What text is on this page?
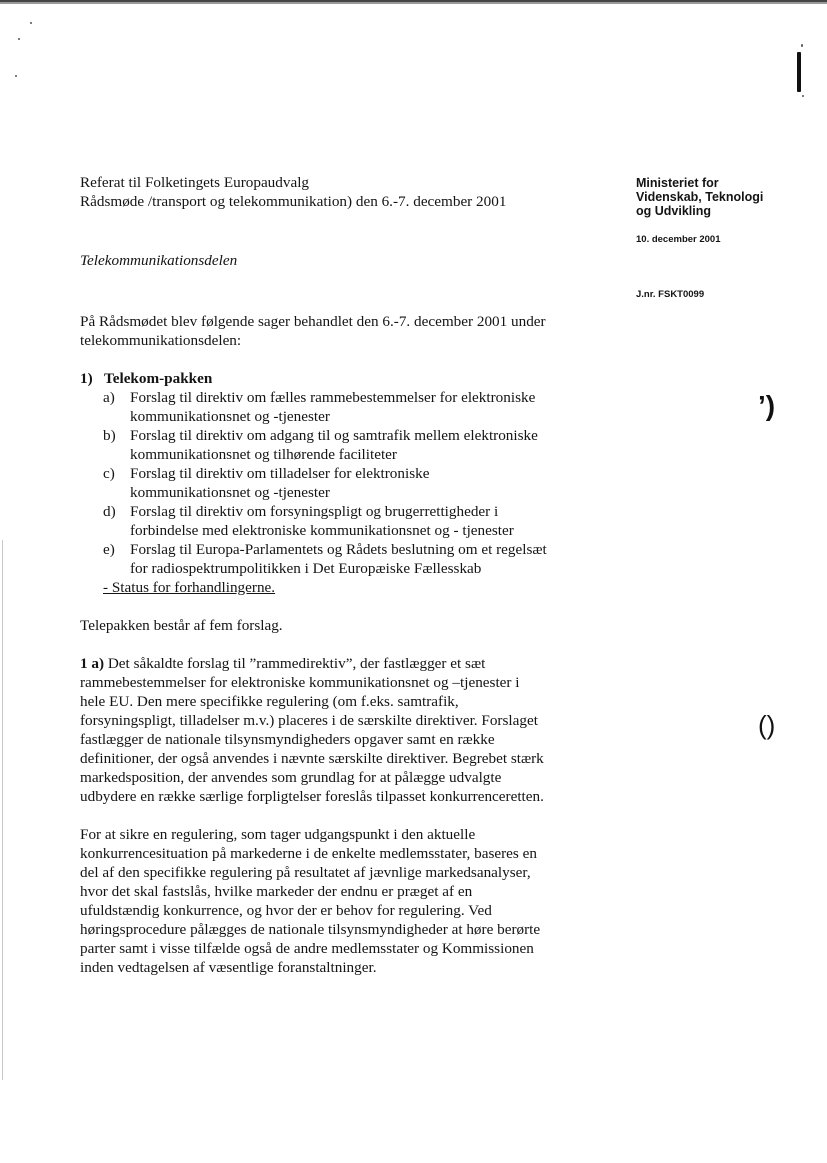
ʼ)
()
Ministeriet for
Videnskab, Teknologi
og Udvikling
10. december 2001
J.nr. FSKT0099

Referat til Folketingets Europaudvalg

Rådsmøde /transport og telekommunikation) den 6.-7. december 2001

Telekommunikationsdelen

På Rådsmødet blev følgende sager behandlet den 6.-7. december 2001 under

telekommunikationsdelen:

1) Telekom-pakken

a) Forslag til direktiv om fælles rammebestemmelser for elektroniske

kommunikationsnet og -tjenester

b) Forslag til direktiv om adgang til og samtrafik mellem elektroniske

kommunikationsnet og tilhørende faciliteter

c) Forslag til direktiv om tilladelser for elektroniske

kommunikationsnet og -tjenester

d) Forslag til direktiv om forsyningspligt og brugerrettigheder i

forbindelse med elektroniske kommunikationsnet og - tjenester

e) Forslag til Europa-Parlamentets og Rådets beslutning om et regelsæt

for radiospektrumpolitikken i Det Europæiske Fællesskab

- Status for forhandlingerne.

Telepakken består af fem forslag.

1 a) Det såkaldte forslag til ”rammedirektiv”, der fastlægger et sæt

rammebestemmelser for elektroniske kommunikationsnet og –tjenester i

hele EU. Den mere specifikke regulering (om f.eks. samtrafik,

forsyningspligt, tilladelser m.v.) placeres i de særskilte direktiver. Forslaget

fastlægger de nationale tilsynsmyndigheders opgaver samt en række

definitioner, der også anvendes i nævnte særskilte direktiver. Begrebet stærk

markedsposition, der anvendes som grundlag for at pålægge udvalgte

udbydere en række særlige forpligtelser foreslås tilpasset konkurrenceretten.

For at sikre en regulering, som tager udgangspunkt i den aktuelle

konkurrencesituation på markederne i de enkelte medlemsstater, baseres en

del af den specifikke regulering på resultatet af jævnlige markedsanalyser,

hvor det skal fastslås, hvilke markeder der endnu er præget af en

ufuldstændig konkurrence, og hvor der er behov for regulering. Ved

høringsprocedure pålægges de nationale tilsynsmyndigheder at høre berørte

parter samt i visse tilfælde også de andre medlemsstater og Kommissionen

inden vedtagelsen af væsentlige foranstaltninger.
